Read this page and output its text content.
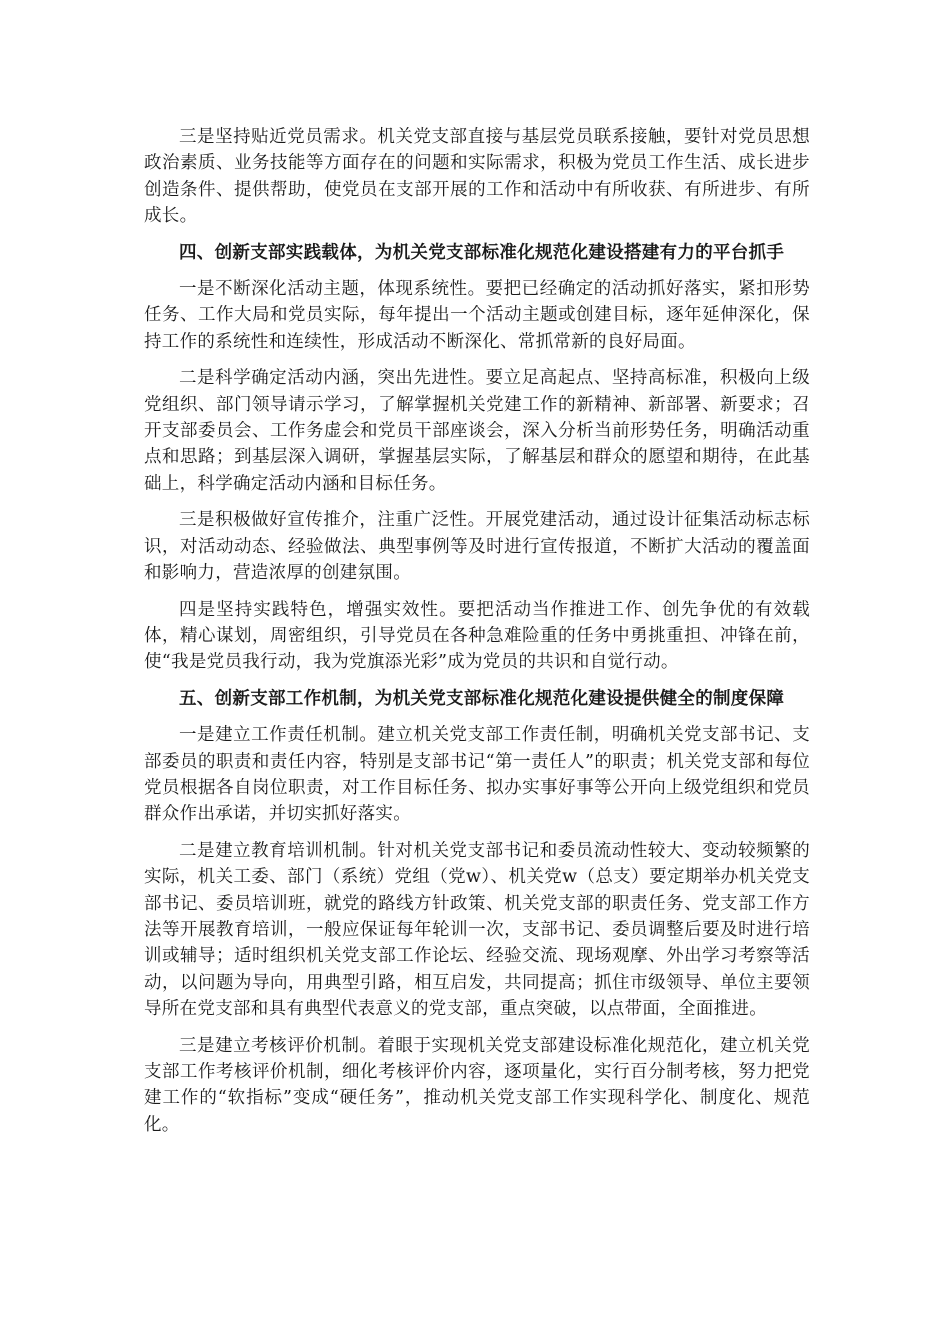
三是坚持贴近党员需求。机关党支部直接与基层党员联系接触，要针对党员思想政治素质、业务技能等方面存在的问题和实际需求，积极为党员工作生活、成长进步创造条件、提供帮助，使党员在支部开展的工作和活动中有所收获、有所进步、有所成长。

四、创新支部实践载体，为机关党支部标准化规范化建设搭建有力的平台抓手

一是不断深化活动主题，体现系统性。要把已经确定的活动抓好落实，紧扣形势任务、工作大局和党员实际，每年提出一个活动主题或创建目标，逐年延伸深化，保持工作的系统性和连续性，形成活动不断深化、常抓常新的良好局面。

二是科学确定活动内涵，突出先进性。要立足高起点、坚持高标准，积极向上级党组织、部门领导请示学习，了解掌握机关党建工作的新精神、新部署、新要求；召开支部委员会、工作务虚会和党员干部座谈会，深入分析当前形势任务，明确活动重点和思路；到基层深入调研，掌握基层实际，了解基层和群众的愿望和期待，在此基础上，科学确定活动内涵和目标任务。

三是积极做好宣传推介，注重广泛性。开展党建活动，通过设计征集活动标志标识，对活动动态、经验做法、典型事例等及时进行宣传报道，不断扩大活动的覆盖面和影响力，营造浓厚的创建氛围。

四是坚持实践特色，增强实效性。要把活动当作推进工作、创先争优的有效载体，精心谋划，周密组织，引导党员在各种急难险重的任务中勇挑重担、冲锋在前，使“我是党员我行动，我为党旗添光彩”成为党员的共识和自觉行动。

五、创新支部工作机制，为机关党支部标准化规范化建设提供健全的制度保障

一是建立工作责任机制。建立机关党支部工作责任制，明确机关党支部书记、支部委员的职责和责任内容，特别是支部书记“第一责任人”的职责；机关党支部和每位党员根据各自岗位职责，对工作目标任务、拟办实事好事等公开向上级党组织和党员群众作出承诺，并切实抓好落实。

二是建立教育培训机制。针对机关党支部书记和委员流动性较大、变动较频繁的实际，机关工委、部门（系统）党组（党w）、机关党w（总支）要定期举办机关党支部书记、委员培训班，就党的路线方针政策、机关党支部的职责任务、党支部工作方法等开展教育培训，一般应保证每年轮训一次，支部书记、委员调整后要及时进行培训或辅导；适时组织机关党支部工作论坛、经验交流、现场观摩、外出学习考察等活动，以问题为导向，用典型引路，相互启发，共同提高；抓住市级领导、单位主要领导所在党支部和具有典型代表意义的党支部，重点突破，以点带面，全面推进。

三是建立考核评价机制。着眼于实现机关党支部建设标准化规范化，建立机关党支部工作考核评价机制，细化考核评价内容，逐项量化，实行百分制考核，努力把党建工作的“软指标”变成“硬任务”，推动机关党支部工作实现科学化、制度化、规范化。
